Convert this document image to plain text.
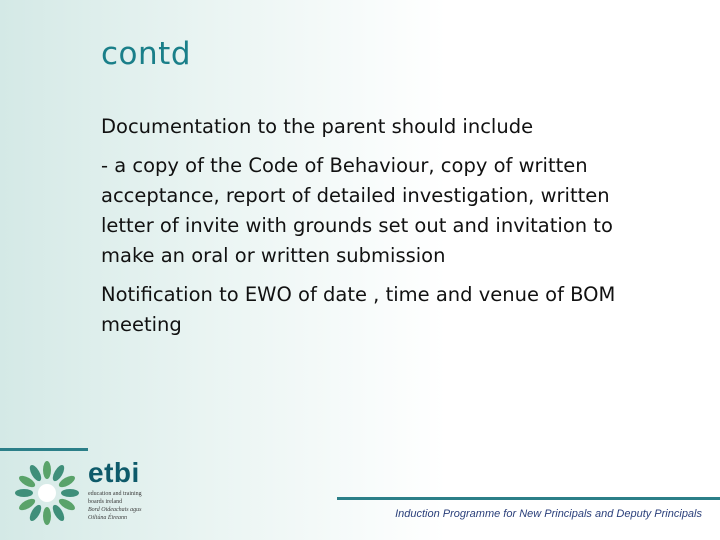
contd

Documentation to the parent should include

- a copy of the Code of Behaviour, copy of written acceptance, report of detailed investigation, written letter of invite with grounds set out and invitation to make an oral or written submission

Notification to EWO of date , time and venue of BOM meeting

etbi
education and training
boards ireland
Bord Oideachais agus
Oiliúna Éireann	Induction Programme for New Principals and Deputy Principals
